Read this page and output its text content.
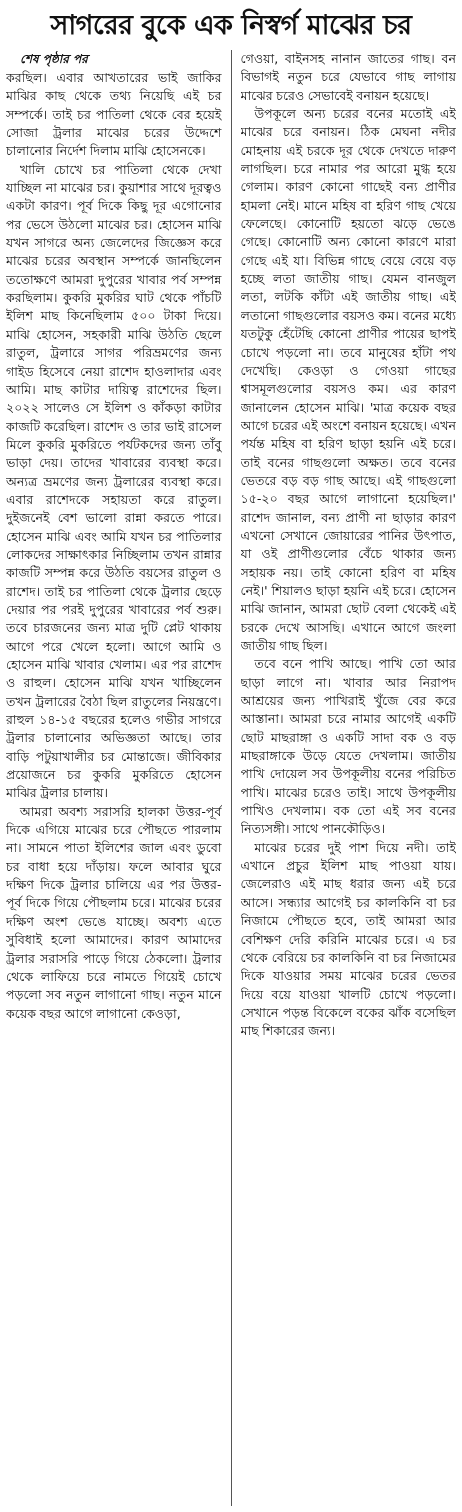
সাগরের বুকে এক নিস্বর্গ মাঝের চর
শেষ পৃষ্ঠার পর

করছিল। এবার আখতারের ভাই জাকির মাঝির কাছ থেকে তথ্য নিয়েছি এই চর সম্পর্কে। তাই চর পাতিলা থেকে বের হয়েই সোজা ট্রলার মাঝের চরের উদ্দেশে চালানোর নির্দেশ দিলাম মাঝি হোসেনকে।

খালি চোখে চর পাতিলা থেকে দেখা যাচ্ছিল না মাঝের চর। কুয়াশার সাথে দূরত্বও একটা কারণ। পূর্ব দিকে কিছু দূর এগোনোর পর ভেসে উঠলো মাঝের চর। হোসেন মাঝি যখন সাগরে অন্য জেলেদের জিজ্ঞেস করে মাঝের চরের অবস্থান সম্পর্কে জানছিলেন ততোক্ষণে আমরা দুপুরের খাবার পর্ব সম্পন্ন করছিলাম। কুকরি মুকরির ঘাট থেকে পাঁচটি ইলিশ মাছ কিনেছিলাম ৫০০ টাকা দিয়ে। মাঝি হোসেন, সহকারী মাঝি উঠতি ছেলে রাতুল, ট্রলারে সাগর পরিভ্রমণের জন্য গাইড হিসেবে নেয়া রাশেদ হাওলাদার এবং আমি। মাছ কাটার দায়িত্ব রাশেদের ছিল। ২০২২ সালেও সে ইলিশ ও কাঁকড়া কাটার কাজটি করেছিল। রাশেদ ও তার ভাই রাসেল মিলে কুকরি মুকরিতে পর্যটকদের জন্য তাঁবু ভাড়া দেয়। তাদের খাবারের ব্যবস্থা করে। অন্যত্র ভ্রমণের জন্য ট্রলারের ব্যবস্থা করে। এবার রাশেদকে সহায়তা করে রাতুল। দুইজনেই বেশ ভালো রান্না করতে পারে। হোসেন মাঝি এবং আমি যখন চর পাতিলার লোকদের সাক্ষাৎকার নিচ্ছিলাম তখন রান্নার কাজটি সম্পন্ন করে উঠতি বয়সের রাতুল ও রাশেদ। তাই চর পাতিলা থেকে ট্রলার ছেড়ে দেয়ার পর পরই দুপুরের খাবারের পর্ব শুরু। তবে চারজনের জন্য মাত্র দুটি প্লেট থাকায় আগে পরে খেলে হলো। আগে আমি ও হোসেন মাঝি খাবার খেলাম। এর পর রাশেদ ও রাহুল। হোসেন মাঝি যখন খাচ্ছিলেন তখন ট্রলারের বৈঠা ছিল রাতুলের নিয়ন্ত্রণে। রাহুল ১৪-১৫ বছরের হলেও গভীর সাগরে ট্রলার চালানোর অভিজ্ঞতা আছে। তার বাড়ি পটুয়াখালীর চর মোন্তাজে। জীবিকার প্রয়োজনে চর কুকরি মুকরিতে হোসেন মাঝির ট্রলার চালায়।

আমরা অবশ্য সরাসরি হালকা উত্তর-পূর্ব দিকে এগিয়ে মাঝের চরে পৌছতে পারলাম না। সামনে পাতা ইলিশের জাল এবং ডুবো চর বাধা হয়ে দাঁড়ায়। ফলে আবার ঘুরে দক্ষিণ দিকে ট্রলার চালিয়ে এর পর উত্তর-পূর্ব দিকে গিয়ে পৌছলাম চরে। মাঝের চরের দক্ষিণ অংশ ভেঙে যাচ্ছে। অবশ্য এতে সুবিধাই হলো আমাদের। কারণ আমাদের ট্রলার সরাসরি পাড়ে গিয়ে ঠেকলো। ট্রলার থেকে লাফিয়ে চরে নামতে গিয়েই চোখে পড়লো সব নতুন লাগানো গাছ। নতুন মানে কয়েক বছর আগে লাগানো কেওড়া,

গেওয়া, বাইনসহ নানান জাতের গাছ। বন বিভাগই নতুন চরে যেভাবে গাছ লাগায় মাঝের চরেও সেভাবেই বনায়ন হয়েছে।

উপকূলে অন্য চরের বনের মতোই এই মাঝের চরে বনায়ন। ঠিক মেঘনা নদীর মোহনায় এই চরকে দূর থেকে দেখতে দারুণ লাগছিল। চরে নামার পর আরো মুগ্ধ হয়ে গেলাম। কারণ কোনো গাছেই বন্য প্রাণীর হামলা নেই। মানে মহিষ বা হরিণ গাছ খেয়ে ফেলেছে। কোনোটি হয়তো ঝড়ে ভেঙে গেছে। কোনোটি অন্য কোনো কারণে মারা গেছে এই যা। বিভিন্ন গাছে বেয়ে বেয়ে বড় হচ্ছে লতা জাতীয় গাছ। যেমন বানজুল লতা, লটকি কাঁটা এই জাতীয় গাছ। এই লতানো গাছগুলোর বয়সও কম। বনের মধ্যে যতটুকু হেঁটেছি কোনো প্রাণীর পায়ের ছাপই চোখে পড়লো না। তবে মানুষের হাঁটা পথ দেখেছি। কেওড়া ও গেওয়া গাছের শ্বাসমূলগুলোর বয়সও কম। এর কারণ জানালেন হোসেন মাঝি। 'মাত্র কয়েক বছর আগে চরের এই অংশে বনায়ন হয়েছে। এখন পর্যন্ত মহিষ বা হরিণ ছাড়া হয়নি এই চরে। তাই বনের গাছগুলো অক্ষত। তবে বনের ভেতরে বড় বড় গাছ আছে। এই গাছগুলো ১৫-২০ বছর আগে লাগানো হয়েছিল।' রাশেদ জানাল, বন্য প্রাণী না ছাড়ার কারণ এখনো সেখানে জোয়ারের পানির উৎপাত, যা ওই প্রাণীগুলোর বেঁচে থাকার জন্য সহায়ক নয়। তাই কোনো হরিণ বা মহিষ নেই।' শিয়ালও ছাড়া হয়নি এই চরে। হোসেন মাঝি জানান, আমরা ছোট বেলা থেকেই এই চরকে দেখে আসছি। এখানে আগে জংলা জাতীয় গাছ ছিল।

তবে বনে পাখি আছে। পাখি তো আর ছাড়া লাগে না। খাবার আর নিরাপদ আশ্রয়ের জন্য পাখিরাই খুঁজে বের করে আস্তানা। আমরা চরে নামার আগেই একটি ছোট মাছরাঙ্গা ও একটি সাদা বক ও বড় মাছরাঙ্গাকে উড়ে যেতে দেখলাম। জাতীয় পাখি দোয়েল সব উপকূলীয় বনের পরিচিত পাখি। মাঝের চরেও তাই। সাথে উপকূলীয় পাখিও দেখলাম। বক তো এই সব বনের নিত্যসঙ্গী। সাথে পানকৌড়িও।

মাঝের চরের দুই পাশ দিয়ে নদী। তাই এখানে প্রচুর ইলিশ মাছ পাওয়া যায়। জেলেরাও এই মাছ ধরার জন্য এই চরে আসে। সন্ধ্যার আগেই চর কালকিনি বা চর নিজামে পৌছতে হবে, তাই আমরা আর বেশিক্ষণ দেরি করিনি মাঝের চরে। এ চর থেকে বেরিয়ে চর কালকিনি বা চর নিজামের দিকে যাওয়ার সময় মাঝের চরের ভেতর দিয়ে বয়ে যাওয়া খালটি চোখে পড়লো। সেখানে পড়ন্ত বিকেলে বকের ঝাঁক বসেছিল মাছ শিকারের জন্য।
